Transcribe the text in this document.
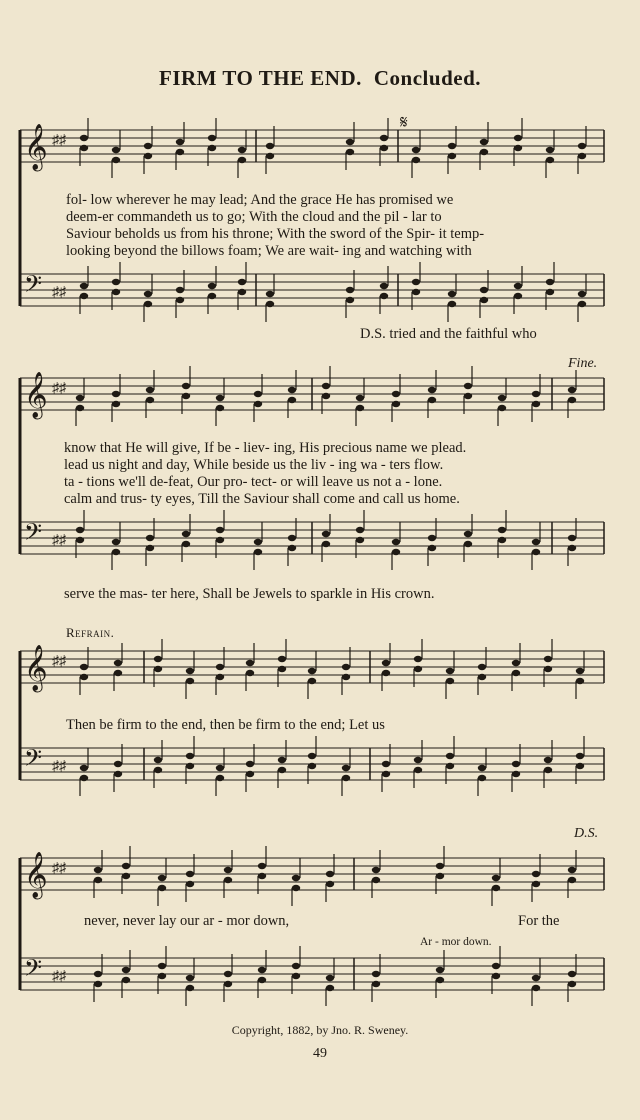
FIRM TO THE END. Concluded.
𝄞 ♯♯
𝄢 ♯♯
𝄞 ♯♯
𝄢 ♯♯
𝄞 ♯♯
𝄢 ♯♯
𝄞 ♯♯
𝄢 ♯♯
𝄋
fol- low wherever he may lead; And the grace He has promised we
deem-er commandeth us to go; With the cloud and the pil - lar to
Saviour beholds us from his throne; With the sword of the Spir- it temp-
looking beyond the billows foam; We are wait- ing and watching with
D.S. tried and the faithful who
Fine.
know that He will give, If be - liev- ing, His precious name we plead.
lead us night and day, While beside us the liv - ing wa - ters flow.
ta - tions we'll de-feat, Our pro- tect- or will leave us not a - lone.
calm and trus- ty eyes, Till the Saviour shall come and call us home.
serve the mas- ter here, Shall be Jewels to sparkle in His crown.
Refrain.
Then be firm to the end, then be firm to the end; Let us
D.S.
never, never lay our ar - mor down,	For the
Ar - mor down.
Copyright, 1882, by Jno. R. Sweney.
49
